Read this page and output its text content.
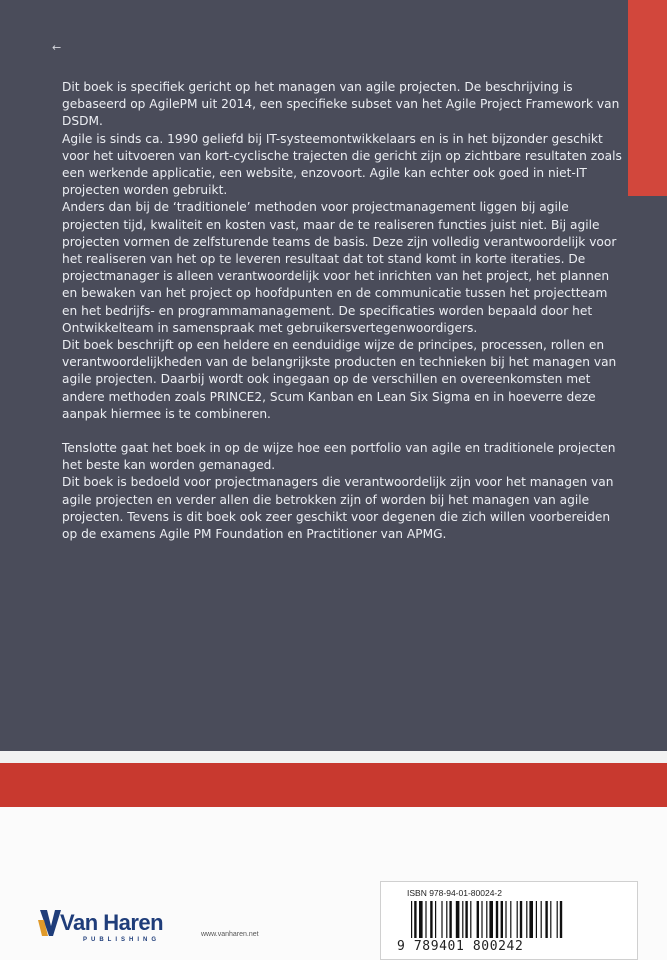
←

Dit boek is specifiek gericht op het managen van agile projecten. De beschrijving is gebaseerd op AgilePM uit 2014, een specifieke subset van het Agile Project Framework van DSDM.

Agile is sinds ca. 1990 geliefd bij IT-systeemontwikkelaars en is in het bijzonder geschikt voor het uitvoeren van kort-cyclische trajecten die gericht zijn op zichtbare resultaten zoals een werkende applicatie, een website, enzovoort. Agile kan echter ook goed in niet-IT projecten worden gebruikt.

Anders dan bij de ‘traditionele’ methoden voor projectmanagement liggen bij agile projecten tijd, kwaliteit en kosten vast, maar de te realiseren functies juist niet. Bij agile projecten vormen de zelfsturende teams de basis. Deze zijn volledig verantwoordelijk voor het realiseren van het op te leveren resultaat dat tot stand komt in korte iteraties. De projectmanager is alleen verantwoordelijk voor het inrichten van het project, het plannen en bewaken van het project op hoofdpunten en de communicatie tussen het projectteam en het bedrijfs- en programmamanagement. De specificaties worden bepaald door het Ontwikkelteam in samenspraak met gebruikersvertegenwoordigers.

Dit boek beschrijft op een heldere en eenduidige wijze de principes, processen, rollen en verantwoordelijkheden van de belangrijkste producten en technieken bij het managen van agile projecten. Daarbij wordt ook ingegaan op de verschillen en overeenkomsten met andere methoden zoals PRINCE2, Scum Kanban en Lean Six Sigma en in hoeverre deze aanpak hiermee is te combineren.

Tenslotte gaat het boek in op de wijze hoe een portfolio van agile en traditionele projecten het beste kan worden gemanaged.

Dit boek is bedoeld voor projectmanagers die verantwoordelijk zijn voor het managen van agile projecten en verder allen die betrokken zijn of worden bij het managen van agile projecten. Tevens is dit boek ook zeer geschikt voor degenen die zich willen voorbereiden op de examens Agile PM Foundation en Practitioner van APMG.

Van Haren
PUBLISHING
www.vanharen.net
ISBN 978-94-01-80024-2
9 789401 800242
